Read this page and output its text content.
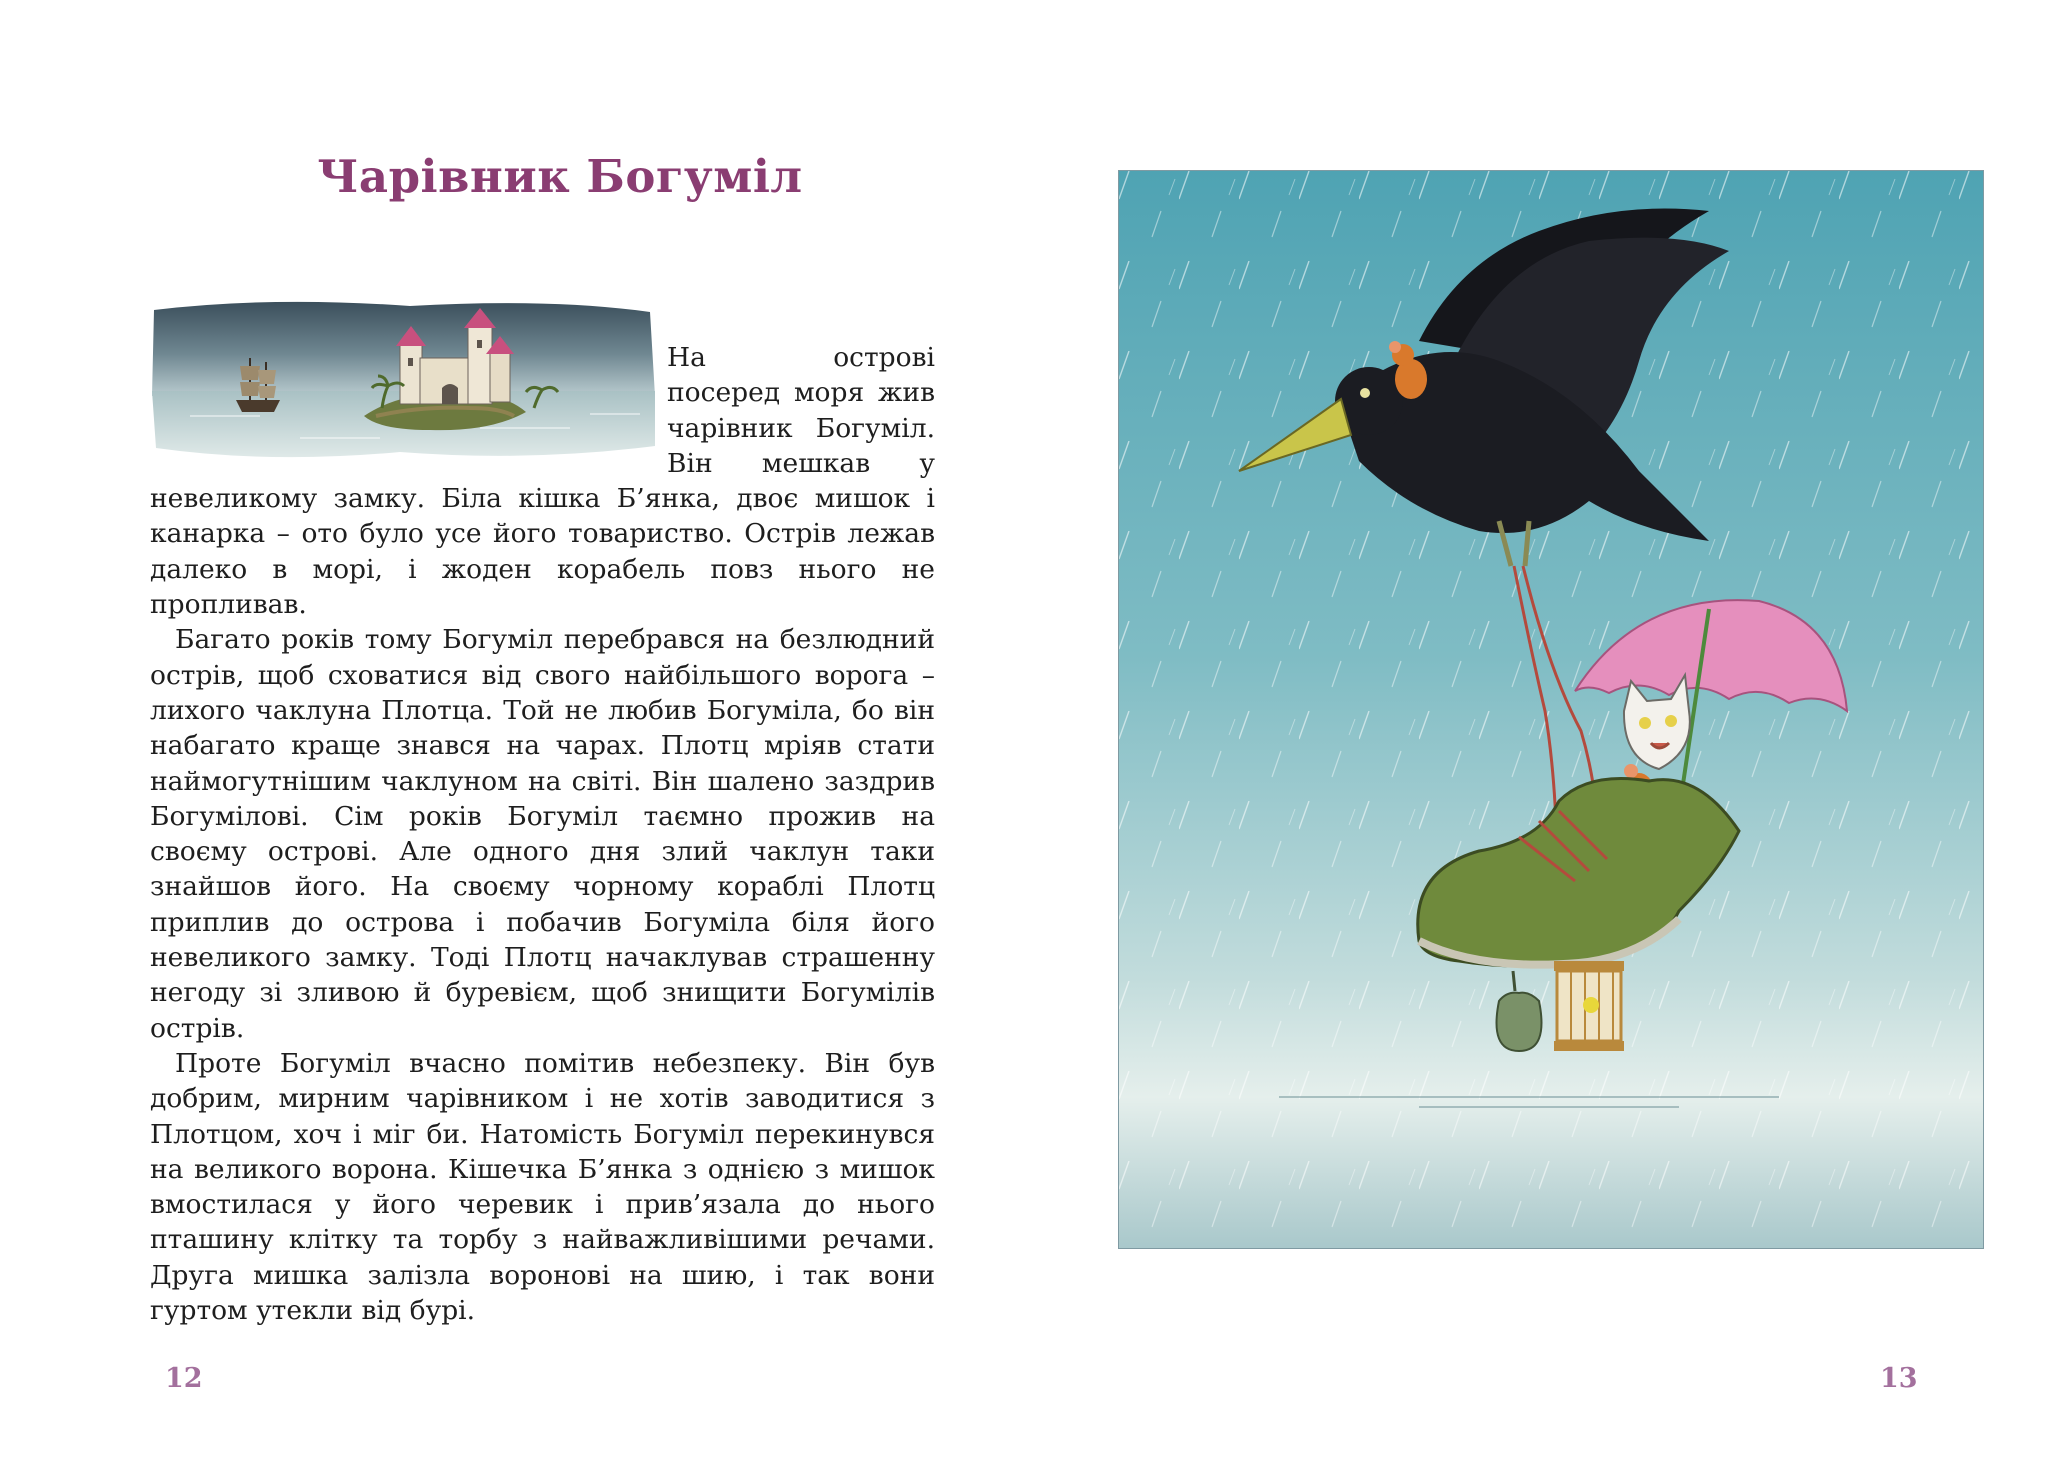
Чарівник Богуміл

На острові посеред моря жив чарівник Богуміл. Він мешкав у невеликому замку. Біла кішка Б’янка, двоє мишок і канарка – ото було усе його товариство. Острів лежав далеко в морі, і жоден корабель повз нього не пропливав.

Багато років тому Богуміл перебрався на безлюдний острів, щоб сховатися від свого найбільшого ворога – лихого чаклуна Плотца. Той не любив Богуміла, бо він набагато краще знався на чарах. Плотц мріяв стати наймогутнішим чаклуном на світі. Він шалено заздрив Богумілові. Сім років Богуміл таємно прожив на своєму острові. Але одного дня злий чаклун таки знайшов його. На своєму чорному кораблі Плотц приплив до острова і побачив Богуміла біля його невеликого замку. Тоді Плотц начаклував страшенну негоду зі зливою й буревієм, щоб знищити Богумілів острів.

Проте Богуміл вчасно помітив небезпеку. Він був добрим, мирним чарівником і не хотів заводитися з Плотцом, хоч і міг би. Натомість Богуміл перекинувся на великого ворона. Кішечка Б’янка з однією з мишок вмостилася у його черевик і прив’язала до нього пташину клітку та торбу з найважливішими речами. Друга мишка залізла воронові на шию, і так вони гуртом утекли від бурі.

12	13
